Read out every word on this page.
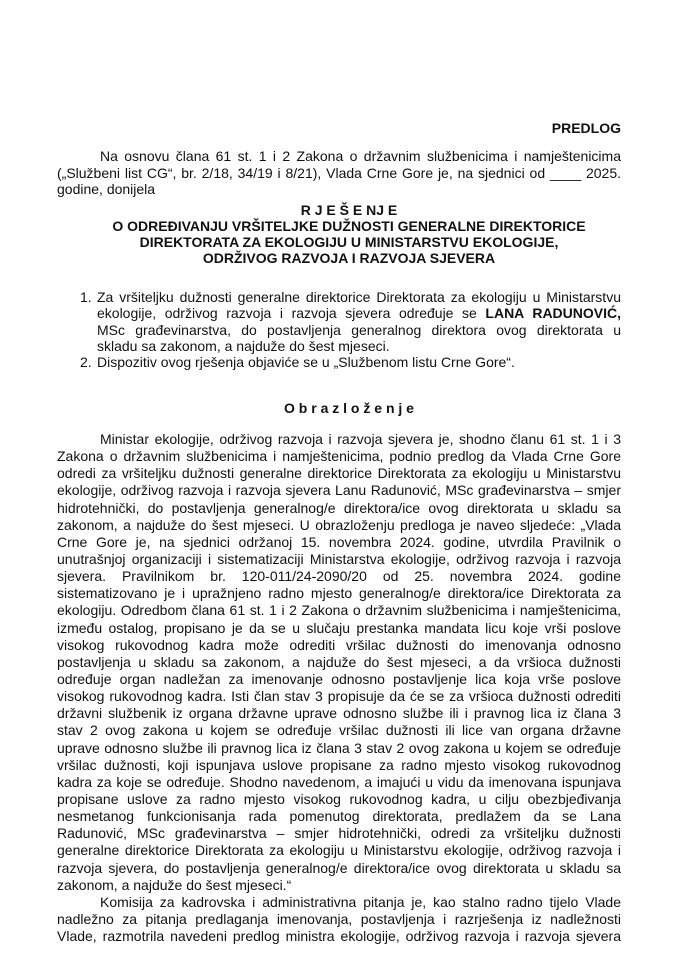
PREDLOG
Na osnovu člana 61 st. 1 i 2 Zakona o državnim službenicima i namještenicima
(„Službeni list CG“, br. 2/18, 34/19 i 8/21), Vlada Crne Gore je, na sjednici od ____ 2025.
godine, donijela
R J E Š E NJ E
O ODREĐIVANJU VRŠITELJKE DUŽNOSTI GENERALNE DIREKTORICE
DIREKTORATA ZA EKOLOGIJU U MINISTARSTVU EKOLOGIJE,
ODRŽIVOG RAZVOJA I RAZVOJA SJEVERA
1. Za vršiteljku dužnosti generalne direktorice Direktorata za ekologiju u Ministarstvu
ekologije, održivog razvoja i razvoja sjevera određuje se LANA RADUNOVIĆ,
MSc građevinarstva, do postavljenja generalnog direktora ovog direktorata u
skladu sa zakonom, a najduže do šest mjeseci.
2. Dispozitiv ovog rješenja objaviće se u „Službenom listu Crne Gore“.
O b r a z l o ž e n j e
Ministar ekologije, održivog razvoja i razvoja sjevera je, shodno članu 61 st. 1 i 3
Zakona o državnim službenicima i namještenicima, podnio predlog da Vlada Crne Gore
odredi za vršiteljku dužnosti generalne direktorice Direktorata za ekologiju u Ministarstvu
ekologije, održivog razvoja i razvoja sjevera Lanu Radunović, MSc građevinarstva – smjer
hidrotehnički, do postavljenja generalnog/e direktora/ice ovog direktorata u skladu sa
zakonom, a najduže do šest mjeseci. U obrazloženju predloga je naveo sljedeće: „Vlada
Crne Gore je, na sjednici održanoj 15. novembra 2024. godine, utvrdila Pravilnik o
unutrašnjoj organizaciji i sistematizaciji Ministarstva ekologije, održivog razvoja i razvoja
sjevera. Pravilnikom br. 120-011/24-2090/20 od 25. novembra 2024. godine
sistematizovano je i upražnjeno radno mjesto generalnog/e direktora/ice Direktorata za
ekologiju. Odredbom člana 61 st. 1 i 2 Zakona o državnim službenicima i namještenicima,
između ostalog, propisano je da se u slučaju prestanka mandata licu koje vrši poslove
visokog rukovodnog kadra može odrediti vršilac dužnosti do imenovanja odnosno
postavljenja u skladu sa zakonom, a najduže do šest mjeseci, a da vršioca dužnosti
određuje organ nadležan za imenovanje odnosno postavljenje lica koja vrše poslove
visokog rukovodnog kadra. Isti član stav 3 propisuje da će se za vršioca dužnosti odrediti
državni službenik iz organa državne uprave odnosno službe ili i pravnog lica iz člana 3
stav 2 ovog zakona u kojem se određuje vršilac dužnosti ili lice van organa državne
uprave odnosno službe ili pravnog lica iz člana 3 stav 2 ovog zakona u kojem se određuje
vršilac dužnosti, koji ispunjava uslove propisane za radno mjesto visokog rukovodnog
kadra za koje se određuje. Shodno navedenom, a imajući u vidu da imenovana ispunjava
propisane uslove za radno mjesto visokog rukovodnog kadra, u cilju obezbjeđivanja
nesmetanog funkcionisanja rada pomenutog direktorata, predlažem da se Lana
Radunović, MSc građevinarstva – smjer hidrotehnički, odredi za vršiteljku dužnosti
generalne direktorice Direktorata za ekologiju u Ministarstvu ekologije, održivog razvoja i
razvoja sjevera, do postavljenja generalnog/e direktora/ice ovog direktorata u skladu sa
zakonom, a najduže do šest mjeseci.“
Komisija za kadrovska i administrativna pitanja je, kao stalno radno tijelo Vlade
nadležno za pitanja predlaganja imenovanja, postavljenja i razrješenja iz nadležnosti
Vlade, razmotrila navedeni predlog ministra ekologije, održivog razvoja i razvoja sjevera
